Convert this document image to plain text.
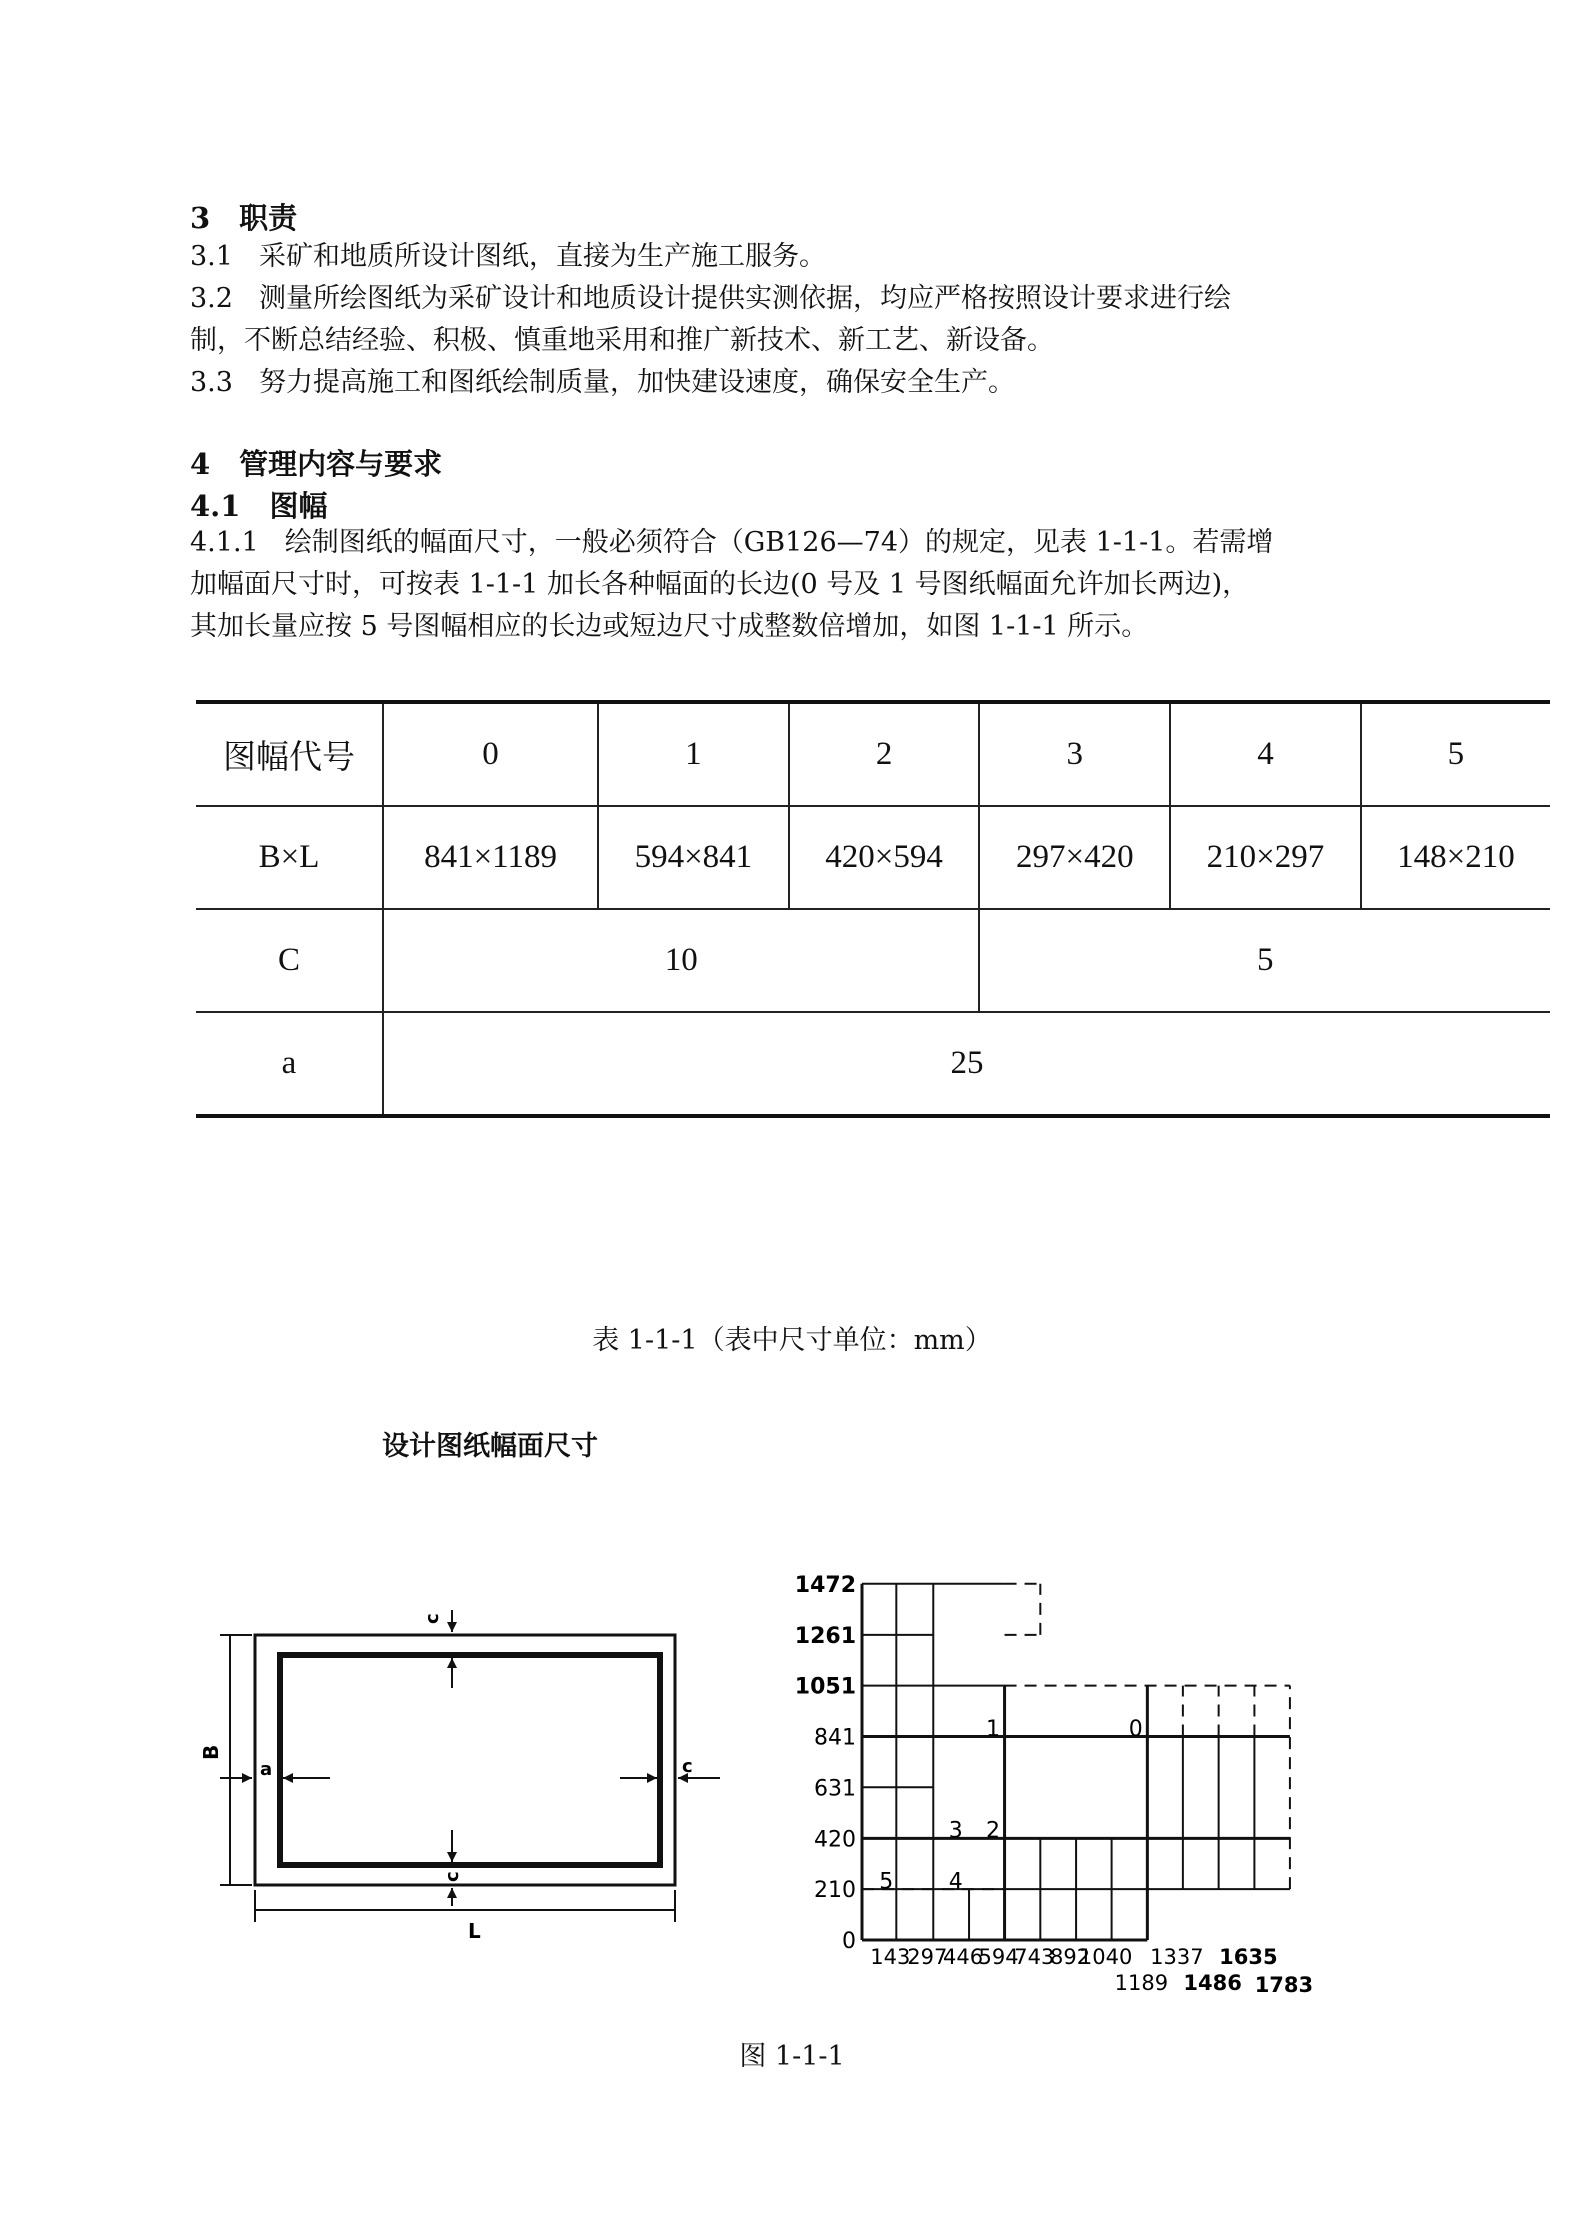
3　职责

3.1 采矿和地质所设计图纸，直接为生产施工服务。

3.2 测量所绘图纸为采矿设计和地质设计提供实测依据，均应严格按照设计要求进行绘

制，不断总结经验、积极、慎重地采用和推广新技术、新工艺、新设备。

3.3 努力提高施工和图纸绘制质量，加快建设速度，确保安全生产。

4　管理内容与要求
4.1　图幅

4.1.1 绘制图纸的幅面尺寸，一般必须符合（GB126—74）的规定，见表 1-1-1。若需增

加幅面尺寸时，可按表 1-1-1 加长各种幅面的长边(0 号及 1 号图纸幅面允许加长两边)，

其加长量应按 5 号图幅相应的长边或短边尺寸成整数倍增加，如图 1-1-1 所示。

图幅代号	0	1	2	3	4	5
B×L	841×1189	594×841	420×594	297×420	210×297	148×210
C	10			5		
a	25					
表 1-1-1（表中尺寸单位：mm）
设计图纸幅面尺寸
B
L
a	c
c
c
1472
1261
1051
841
631
420
210
0
143
297
446
594
743
892
1040
1189
1337
1486
1635
1783
0
1
2
3
4
5
图 1-1-1
